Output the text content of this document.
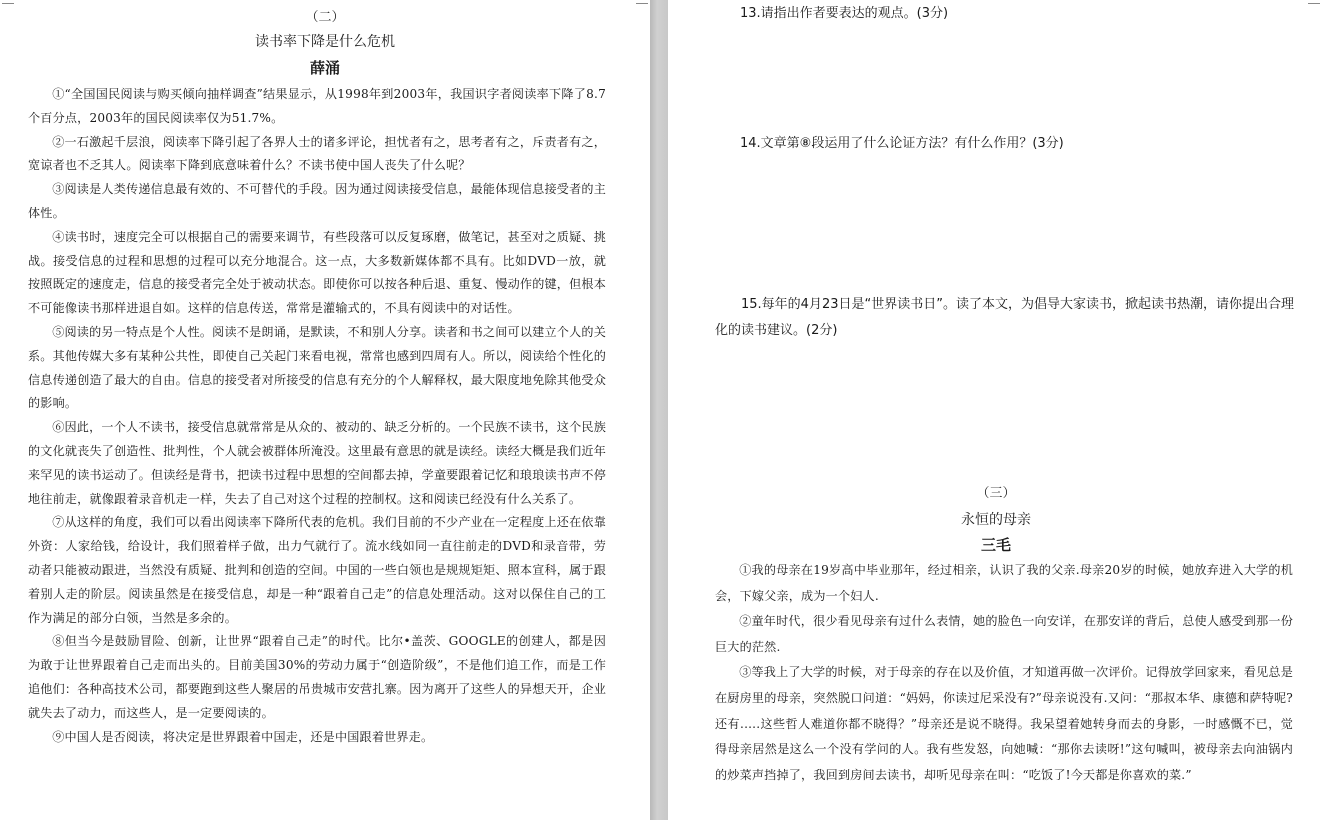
（二）
读书率下降是什么危机
薛涌

①“全国国民阅读与购买倾向抽样调查”结果显示，从1998年到2003年，我国识字者阅读率下降了8.7个百分点，2003年的国民阅读率仅为51.7%。

②一石激起千层浪，阅读率下降引起了各界人士的诸多评论，担忧者有之，思考者有之，斥责者有之，宽谅者也不乏其人。阅读率下降到底意味着什么？不读书使中国人丧失了什么呢？

③阅读是人类传递信息最有效的、不可替代的手段。因为通过阅读接受信息，最能体现信息接受者的主体性。

④读书时，速度完全可以根据自己的需要来调节，有些段落可以反复琢磨，做笔记，甚至对之质疑、挑战。接受信息的过程和思想的过程可以充分地混合。这一点，大多数新媒体都不具有。比如DVD一放，就按照既定的速度走，信息的接受者完全处于被动状态。即使你可以按各种后退、重复、慢动作的键，但根本不可能像读书那样进退自如。这样的信息传送，常常是灌输式的，不具有阅读中的对话性。

⑤阅读的另一特点是个人性。阅读不是朗诵，是默读，不和别人分享。读者和书之间可以建立个人的关系。其他传媒大多有某种公共性，即使自己关起门来看电视，常常也感到四周有人。所以，阅读给个性化的信息传递创造了最大的自由。信息的接受者对所接受的信息有充分的个人解释权，最大限度地免除其他受众的影响。

⑥因此，一个人不读书，接受信息就常常是从众的、被动的、缺乏分析的。一个民族不读书，这个民族的文化就丧失了创造性、批判性，个人就会被群体所淹没。这里最有意思的就是读经。读经大概是我们近年来罕见的读书运动了。但读经是背书，把读书过程中思想的空间都去掉，学童要跟着记忆和琅琅读书声不停地往前走，就像跟着录音机走一样，失去了自己对这个过程的控制权。这和阅读已经没有什么关系了。

⑦从这样的角度，我们可以看出阅读率下降所代表的危机。我们目前的不少产业在一定程度上还在依靠外资：人家给钱，给设计，我们照着样子做，出力气就行了。流水线如同一直往前走的DVD和录音带，劳动者只能被动跟进，当然没有质疑、批判和创造的空间。中国的一些白领也是规规矩矩、照本宣科，属于跟着别人走的阶层。阅读虽然是在接受信息，却是一种“跟着自己走”的信息处理活动。这对以保住自己的工作为满足的部分白领，当然是多余的。

⑧但当今是鼓励冒险、创新，让世界“跟着自己走”的时代。比尔•盖茨、GOOGLE的创建人，都是因为敢于让世界跟着自己走而出头的。目前美国30%的劳动力属于“创造阶级”，不是他们追工作，而是工作追他们：各种高技术公司，都要跑到这些人聚居的吊贵城市安营扎寨。因为离开了这些人的异想天开，企业就失去了动力，而这些人，是一定要阅读的。

⑨中国人是否阅读，将决定是世界跟着中国走，还是中国跟着世界走。

13.请指出作者要表达的观点。(3分)
14.文章第⑧段运用了什么论证方法？有什么作用？(3分)
15.每年的4月23日是“世界读书日”。读了本文，为倡导大家读书，掀起读书热潮，请你提出合理化的读书建议。(2分)
（三）
永恒的母亲
三毛

①我的母亲在19岁高中毕业那年，经过相亲，认识了我的父亲.母亲20岁的时候，她放弃进入大学的机会，下嫁父亲，成为一个妇人.

②童年时代，很少看见母亲有过什么表情，她的脸色一向安详，在那安详的背后，总使人感受到那一份巨大的茫然.

③等我上了大学的时候，对于母亲的存在以及价值，才知道再做一次评价。记得放学回家来，看见总是在厨房里的母亲，突然脱口问道：“妈妈，你读过尼采没有?”母亲说没有.又问：“那叔本华、康德和萨特呢?还有.....这些哲人难道你都不晓得？”母亲还是说不晓得。我呆望着她转身而去的身影，一时感慨不已，觉得母亲居然是这么一个没有学问的人。我有些发怒，向她喊：“那你去读呀!”这句喊叫，被母亲去向油锅内的炒菜声挡掉了，我回到房间去读书，却听见母亲在叫：“吃饭了!今天都是你喜欢的菜.”
